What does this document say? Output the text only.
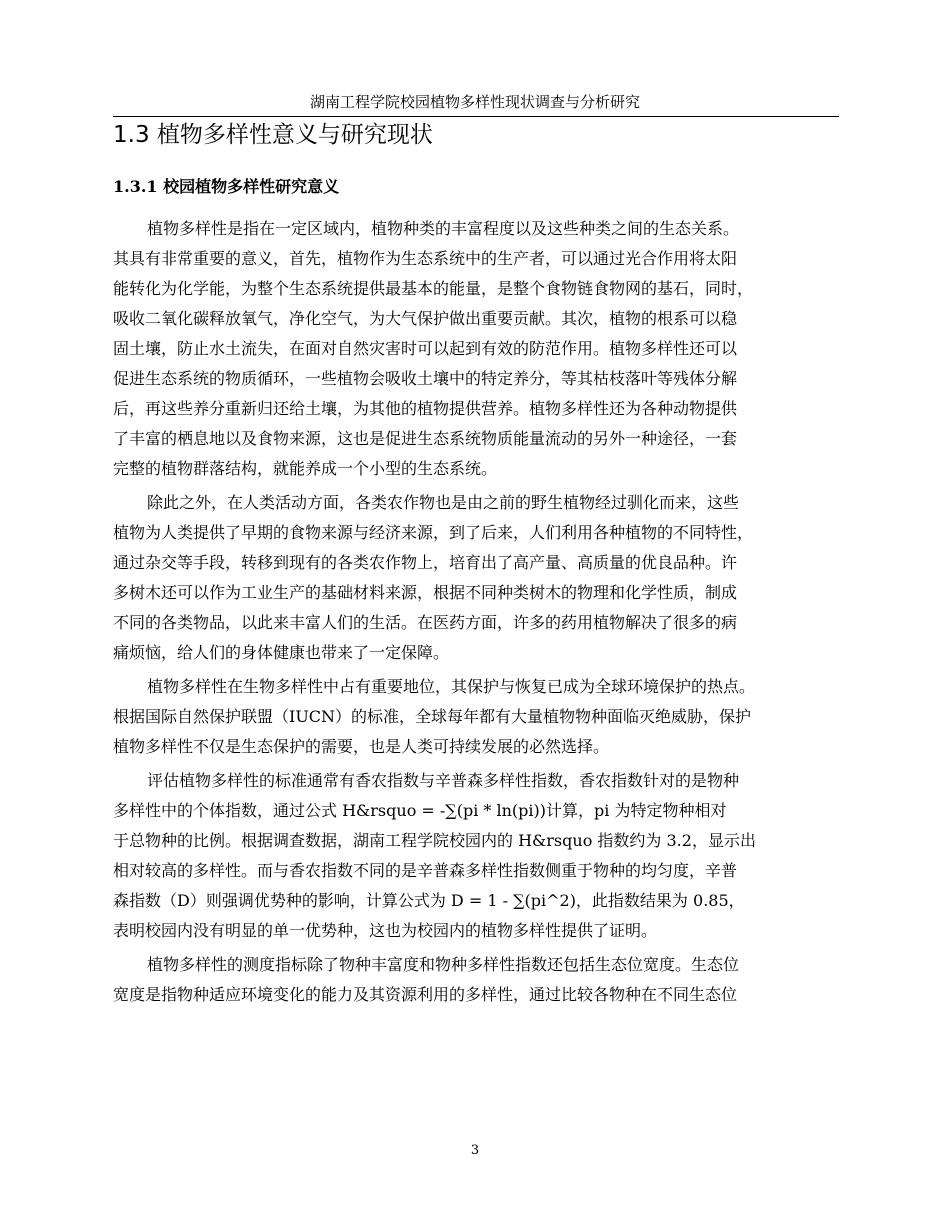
湖南工程学院校园植物多样性现状调查与分析研究
1.3 植物多样性意义与研究现状
1.3.1 校园植物多样性研究意义
植物多样性是指在一定区域内，植物种类的丰富程度以及这些种类之间的生态关系。
其具有非常重要的意义，首先，植物作为生态系统中的生产者，可以通过光合作用将太阳
能转化为化学能，为整个生态系统提供最基本的能量，是整个食物链食物网的基石，同时，
吸收二氧化碳释放氧气，净化空气，为大气保护做出重要贡献。其次，植物的根系可以稳
固土壤，防止水土流失，在面对自然灾害时可以起到有效的防范作用。植物多样性还可以
促进生态系统的物质循环，一些植物会吸收土壤中的特定养分，等其枯枝落叶等残体分解
后，再这些养分重新归还给土壤，为其他的植物提供营养。植物多样性还为各种动物提供
了丰富的栖息地以及食物来源，这也是促进生态系统物质能量流动的另外一种途径，一套
完整的植物群落结构，就能养成一个小型的生态系统。
除此之外，在人类活动方面，各类农作物也是由之前的野生植物经过驯化而来，这些
植物为人类提供了早期的食物来源与经济来源，到了后来，人们利用各种植物的不同特性，
通过杂交等手段，转移到现有的各类农作物上，培育出了高产量、高质量的优良品种。许
多树木还可以作为工业生产的基础材料来源，根据不同种类树木的物理和化学性质，制成
不同的各类物品，以此来丰富人们的生活。在医药方面，许多的药用植物解决了很多的病
痛烦恼，给人们的身体健康也带来了一定保障。
植物多样性在生物多样性中占有重要地位，其保护与恢复已成为全球环境保护的热点。
根据国际自然保护联盟（IUCN）的标准，全球每年都有大量植物物种面临灭绝威胁，保护
植物多样性不仅是生态保护的需要，也是人类可持续发展的必然选择。
评估植物多样性的标准通常有香农指数与辛普森多样性指数，香农指数针对的是物种
多样性中的个体指数，通过公式 H&rsquo = -∑(pi * ln(pi))计算，pi 为特定物种相对
于总物种的比例。根据调查数据，湖南工程学院校园内的 H&rsquo 指数约为 3.2，显示出
相对较高的多样性。而与香农指数不同的是辛普森多样性指数侧重于物种的均匀度，辛普
森指数（D）则强调优势种的影响，计算公式为 D = 1 - ∑(pi^2)，此指数结果为 0.85，
表明校园内没有明显的单一优势种，这也为校园内的植物多样性提供了证明。
植物多样性的测度指标除了物种丰富度和物种多样性指数还包括生态位宽度。生态位
宽度是指物种适应环境变化的能力及其资源利用的多样性，通过比较各物种在不同生态位
3
